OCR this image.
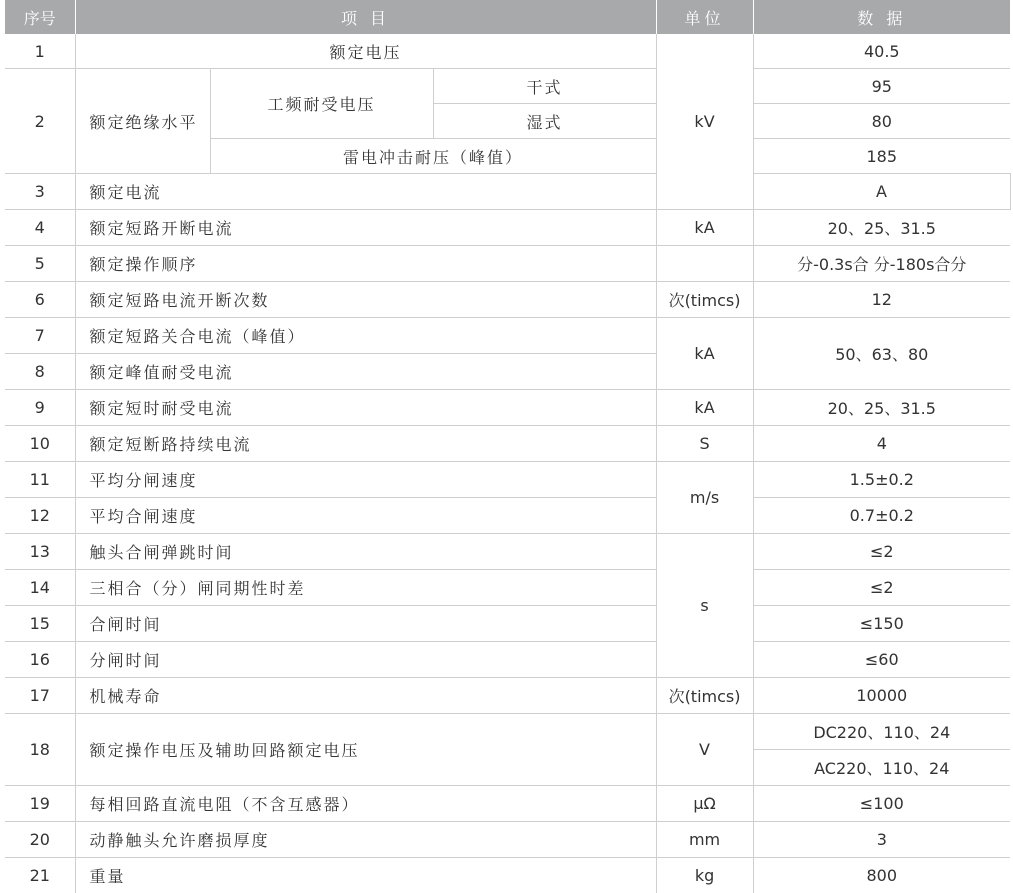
序号	项 目			单位	数 据	
1	额定电压			kV	40.5	
2	额定绝缘水平	工频耐受电压	干式		95	
			湿式		80	
		雷电冲击耐压（峰值）			185	
3	额定电流				A	
4	额定短路开断电流			kA	20、25、31.5	
5	额定操作顺序				分-0.3s合 分-180s合分	
6	额定短路电流开断次数			次(timcs)	12	
7	额定短路关合电流（峰值）			kA	50、63、80	
8	额定峰值耐受电流					
9	额定短时耐受电流			kA	20、25、31.5	
10	额定短断路持续电流			S	4	
11	平均分闸速度			m/s	1.5±0.2	
12	平均合闸速度				0.7±0.2	
13	触头合闸弹跳时间			s	≤2	
14	三相合（分）闸同期性时差				≤2	
15	合闸时间				≤150	
16	分闸时间				≤60	
17	机械寿命			次(timcs)	10000	
18	额定操作电压及辅助回路额定电压			V	DC220、110、24	
					AC220、110、24	
19	每相回路直流电阻（不含互感器）			μΩ	≤100	
20	动静触头允许磨损厚度			mm	3	
21	重量			kg	800	
